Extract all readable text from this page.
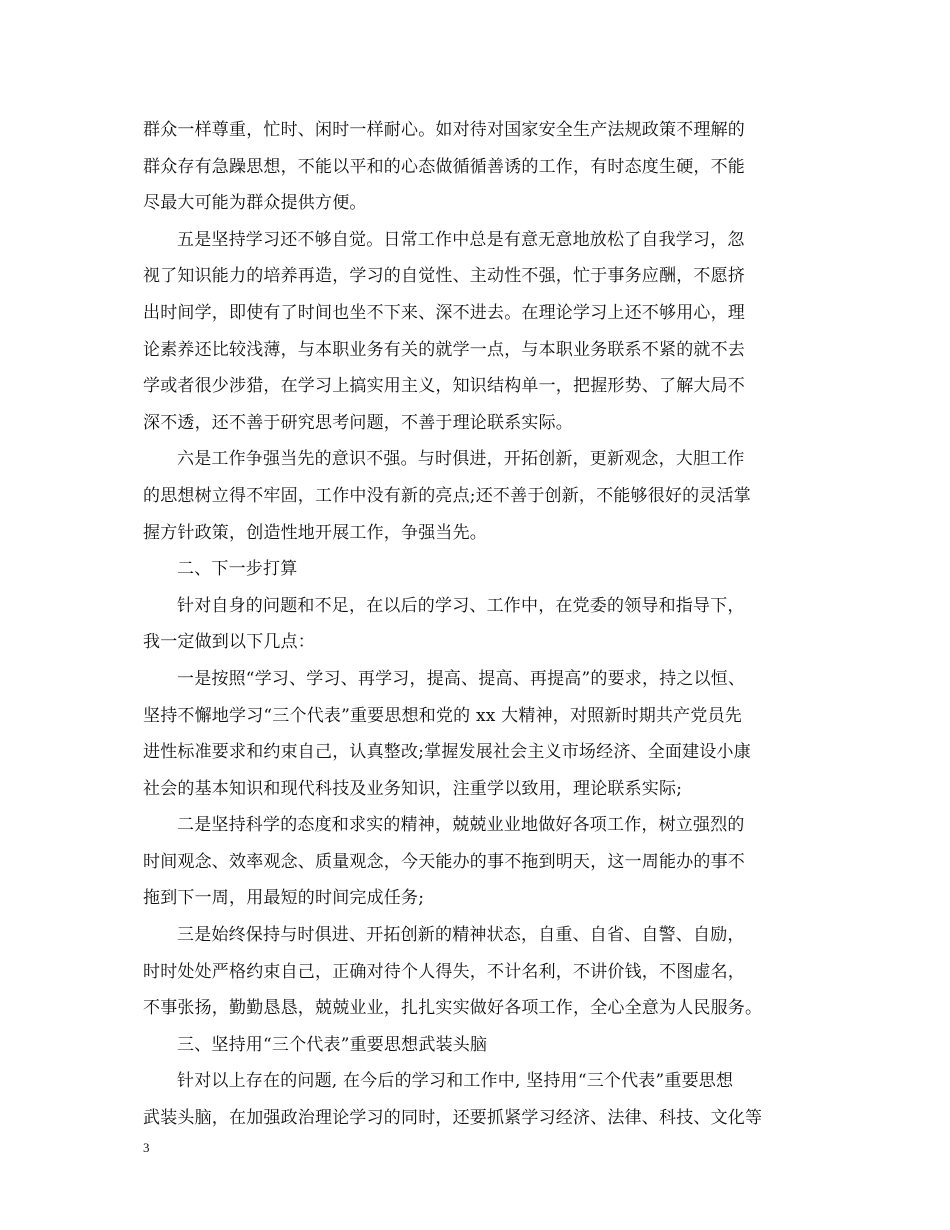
群众一样尊重，忙时、闲时一样耐心。如对待对国家安全生产法规政策不理解的
群众存有急躁思想，不能以平和的心态做循循善诱的工作，有时态度生硬，不能
尽最大可能为群众提供方便。
五是坚持学习还不够自觉。日常工作中总是有意无意地放松了自我学习，忽
视了知识能力的培养再造，学习的自觉性、主动性不强，忙于事务应酬，不愿挤
出时间学，即使有了时间也坐不下来、深不进去。在理论学习上还不够用心，理
论素养还比较浅薄，与本职业务有关的就学一点，与本职业务联系不紧的就不去
学或者很少涉猎，在学习上搞实用主义，知识结构单一，把握形势、了解大局不
深不透，还不善于研究思考问题，不善于理论联系实际。
六是工作争强当先的意识不强。与时俱进，开拓创新，更新观念，大胆工作
的思想树立得不牢固，工作中没有新的亮点;还不善于创新，不能够很好的灵活掌
握方针政策，创造性地开展工作，争强当先。
二、下一步打算
针对自身的问题和不足，在以后的学习、工作中，在党委的领导和指导下，
我一定做到以下几点：
一是按照“学习、学习、再学习，提高、提高、再提高”的要求，持之以恒、
坚持不懈地学习“三个代表”重要思想和党的 xx 大精神，对照新时期共产党员先
进性标准要求和约束自己，认真整改;掌握发展社会主义市场经济、全面建设小康
社会的基本知识和现代科技及业务知识，注重学以致用，理论联系实际;
二是坚持科学的态度和求实的精神，兢兢业业地做好各项工作，树立强烈的
时间观念、效率观念、质量观念，今天能办的事不拖到明天，这一周能办的事不
拖到下一周，用最短的时间完成任务;
三是始终保持与时俱进、开拓创新的精神状态，自重、自省、自警、自励，
时时处处严格约束自己，正确对待个人得失，不计名利，不讲价钱，不图虚名，
不事张扬，勤勤恳恳，兢兢业业，扎扎实实做好各项工作，全心全意为人民服务。
三、坚持用“三个代表”重要思想武装头脑
针对以上存在的问题, 在今后的学习和工作中, 坚持用“三个代表”重要思想
武装头脑，在加强政治理论学习的同时，还要抓紧学习经济、法律、科技、文化等
3
